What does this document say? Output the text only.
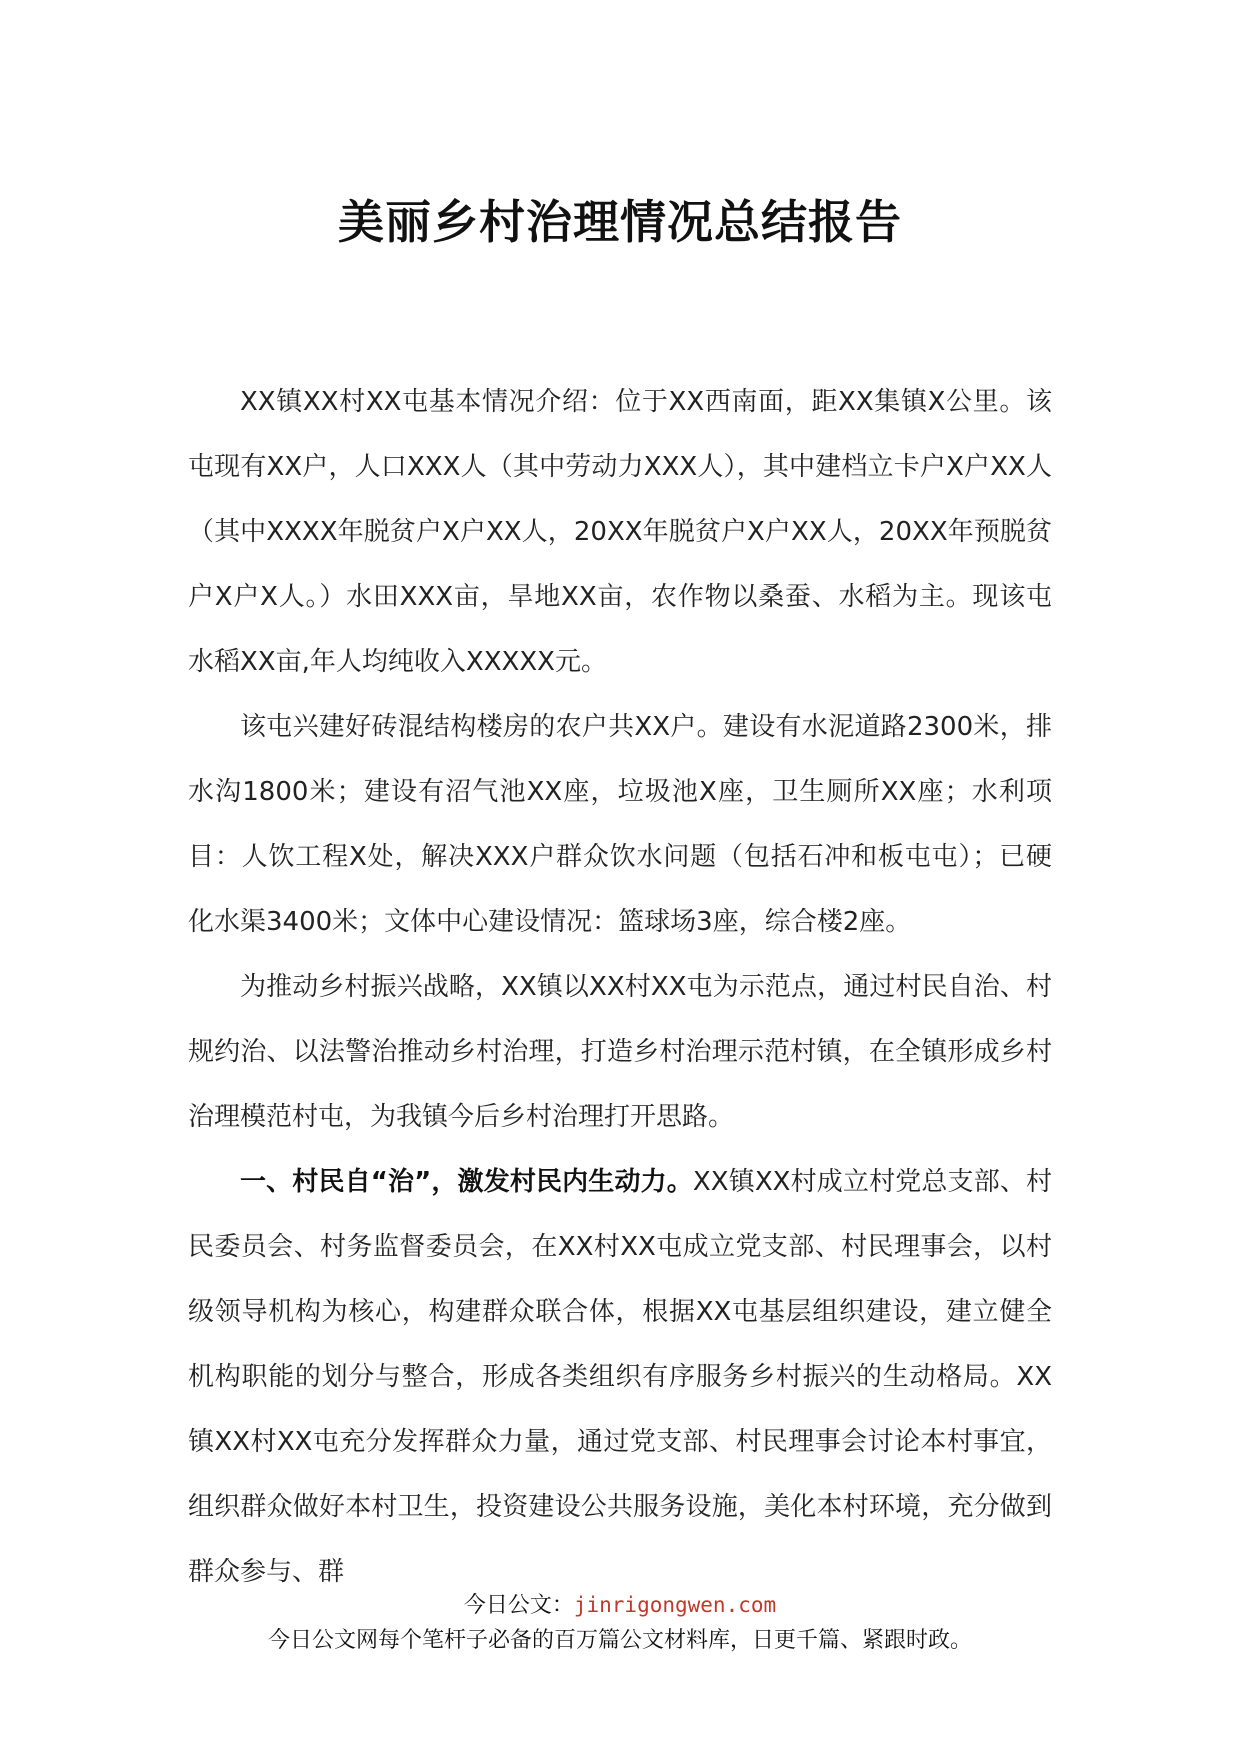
美丽乡村治理情况总结报告

XX镇XX村XX屯基本情况介绍：位于XX西南面，距XX集镇X公里。该屯现有XX户，人口XXX人（其中劳动力XXX人），其中建档立卡户X户XX人（其中XXXX年脱贫户X户XX人，20XX年脱贫户X户XX人，20XX年预脱贫户X户X人。）水田XXX亩，旱地XX亩，农作物以桑蚕、水稻为主。现该屯水稻XX亩,年人均纯收入XXXXX元。

该屯兴建好砖混结构楼房的农户共XX户。建设有水泥道路2300米，排水沟1800米；建设有沼气池XX座，垃圾池X座，卫生厕所XX座；水利项目：人饮工程X处，解决XXX户群众饮水问题（包括石冲和板屯屯）；已硬化水渠3400米；文体中心建设情况：篮球场3座，综合楼2座。

为推动乡村振兴战略，XX镇以XX村XX屯为示范点，通过村民自治、村规约治、以法警治推动乡村治理，打造乡村治理示范村镇，在全镇形成乡村治理模范村屯，为我镇今后乡村治理打开思路。

一、村民自“治”，激发村民内生动力。XX镇XX村成立村党总支部、村民委员会、村务监督委员会，在XX村XX屯成立党支部、村民理事会，以村级领导机构为核心，构建群众联合体，根据XX屯基层组织建设，建立健全机构职能的划分与整合，形成各类组织有序服务乡村振兴的生动格局。XX镇XX村XX屯充分发挥群众力量，通过党支部、村民理事会讨论本村事宜，组织群众做好本村卫生，投资建设公共服务设施，美化本村环境，充分做到群众参与、群

今日公文：jinrigongwen.com

今日公文网每个笔杆子必备的百万篇公文材料库，日更千篇、紧跟时政。
